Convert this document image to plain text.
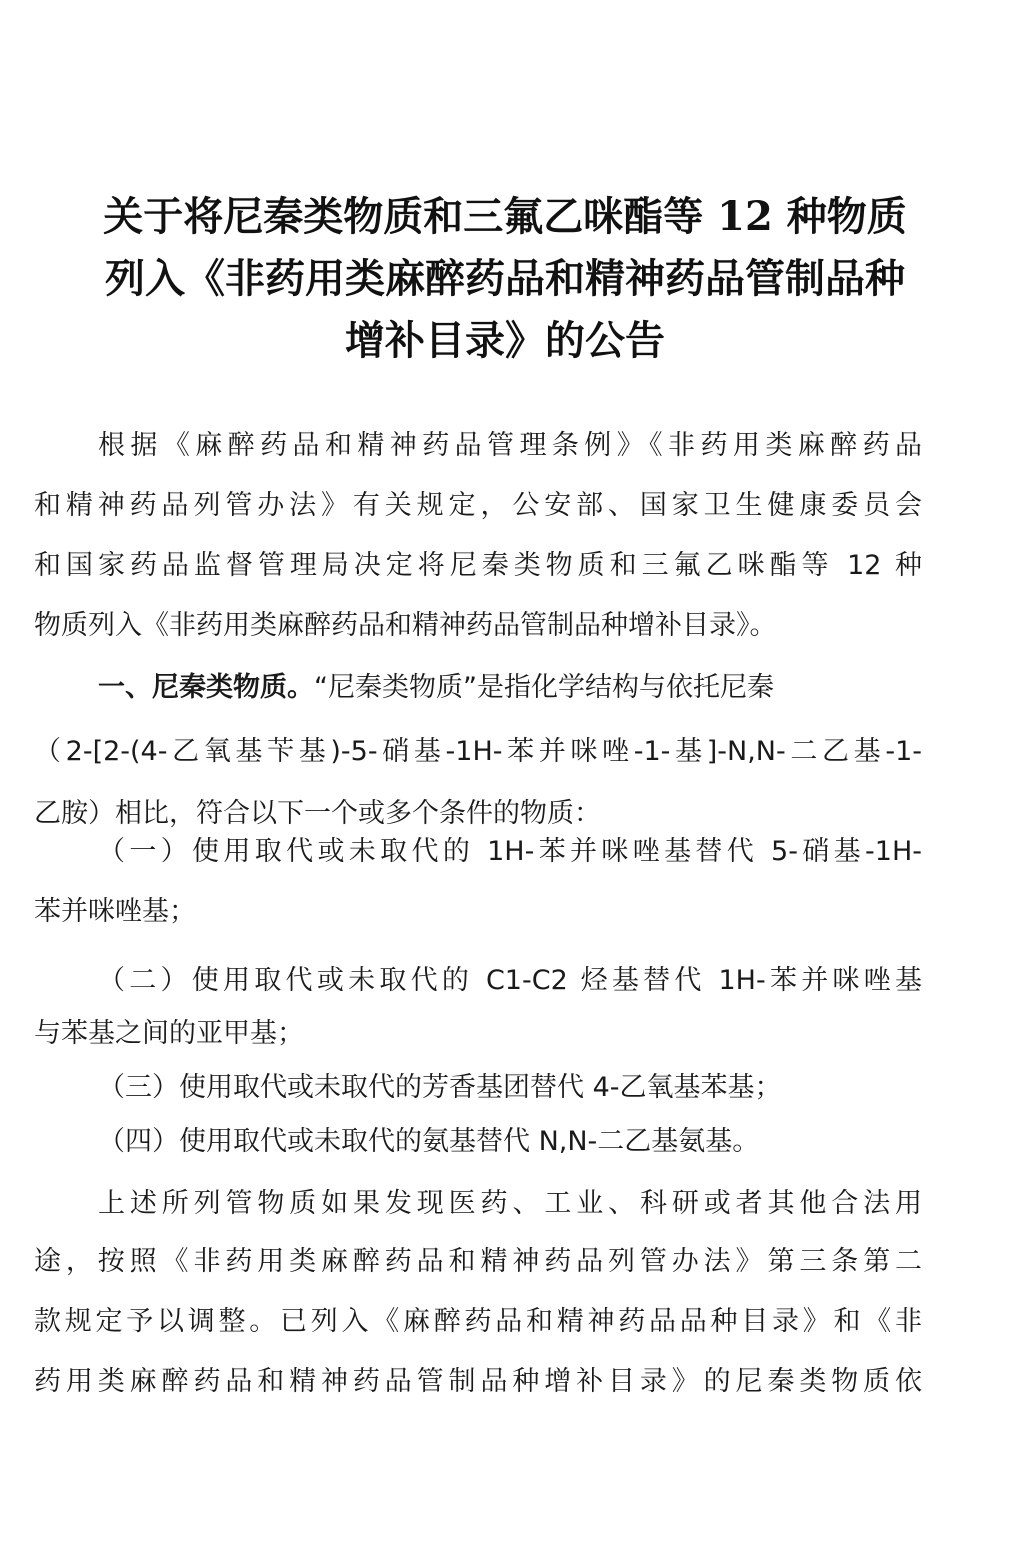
关于将尼秦类物质和三氟乙咪酯等 12 种物质
列入《非药用类麻醉药品和精神药品管制品种
增补目录》的公告
根据《麻醉药品和精神药品管理条例》《非药用类麻醉药品
和精神药品列管办法》有关规定，公安部、国家卫生健康委员会
和国家药品监督管理局决定将尼秦类物质和三氟乙咪酯等 12 种
物质列入《非药用类麻醉药品和精神药品管制品种增补目录》。
一、尼秦类物质。“尼秦类物质”是指化学结构与依托尼秦
（2-[2-(4-乙氧基苄基)-5-硝基-1H-苯并咪唑-1-基]-N,N-二乙基-1-
乙胺）相比，符合以下一个或多个条件的物质：
（一）使用取代或未取代的 1H-苯并咪唑基替代 5-硝基-1H-
苯并咪唑基；
（二）使用取代或未取代的 C1-C2 烃基替代 1H-苯并咪唑基
与苯基之间的亚甲基；
（三）使用取代或未取代的芳香基团替代 4-乙氧基苯基；
（四）使用取代或未取代的氨基替代 N,N-二乙基氨基。
上述所列管物质如果发现医药、工业、科研或者其他合法用
途，按照《非药用类麻醉药品和精神药品列管办法》第三条第二
款规定予以调整。已列入《麻醉药品和精神药品品种目录》和《非
药用类麻醉药品和精神药品管制品种增补目录》的尼秦类物质依
